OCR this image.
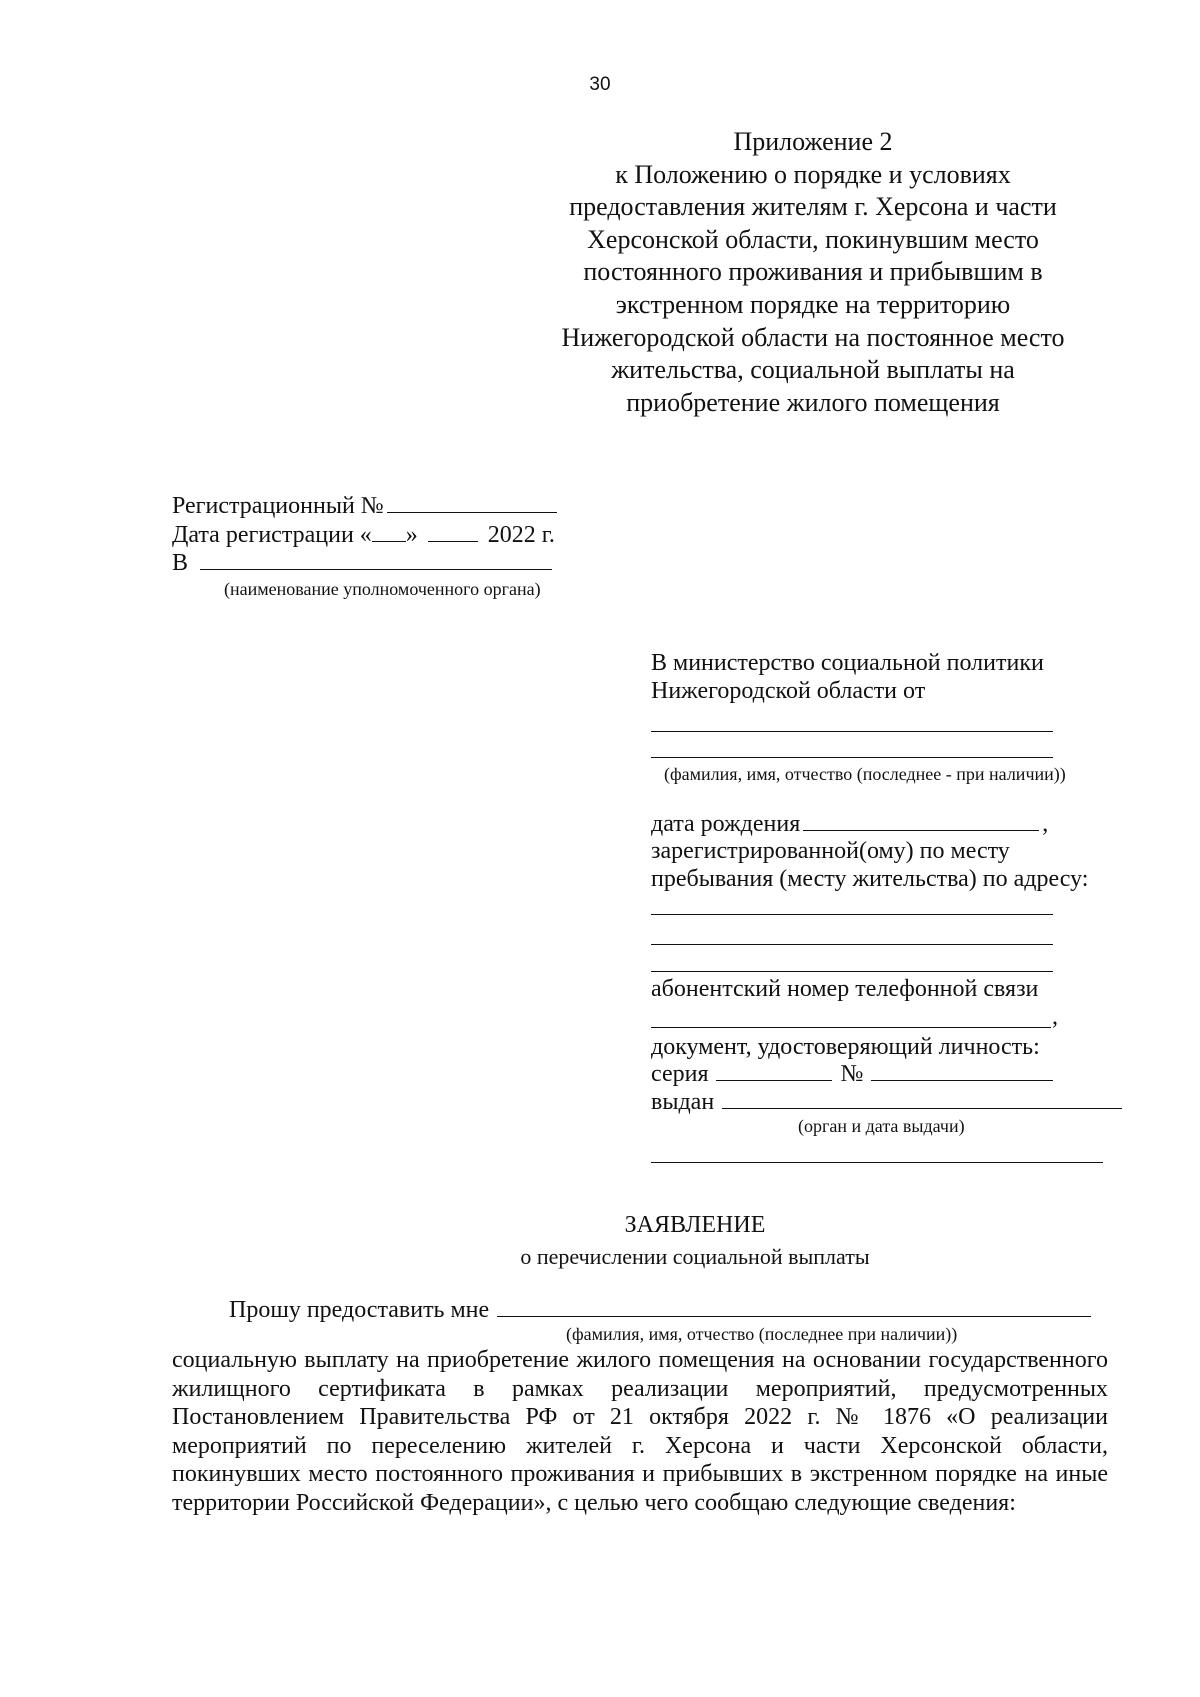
30
Приложение 2
к Положению о порядке и условиях
предоставления жителям г. Херсона и части
Херсонской области, покинувшим место
постоянного проживания и прибывшим в
экстренном порядке на территорию
Нижегородской области на постоянное место
жительства, социальной выплаты на
приобретение жилого помещения
Регистрационный №
Дата регистрации « »	2022 г.
В
(наименование уполномоченного органа)
В министерство социальной политики
Нижегородской области от
(фамилия, имя, отчество (последнее - при наличии))
дата рождения	,
зарегистрированной(ому) по месту
пребывания (месту жительства) по адресу:
абонентский номер телефонной связи
,
документ, удостоверяющий личность:
серия	№
выдан
(орган и дата выдачи)
ЗАЯВЛЕНИЕ
о перечислении социальной выплаты
Прошу предоставить мне
(фамилия, имя, отчество (последнее при наличии))
социальную выплату на приобретение жилого помещения на основании государственного жилищного сертификата в рамках реализации мероприятий, предусмотренных Постановлением Правительства РФ от 21 октября 2022 г. № 1876 «О реализации мероприятий по переселению жителей г. Херсона и части Херсонской области, покинувших место постоянного проживания и прибывших в экстренном порядке на иные территории Российской Федерации», с целью чего сообщаю следующие сведения:
